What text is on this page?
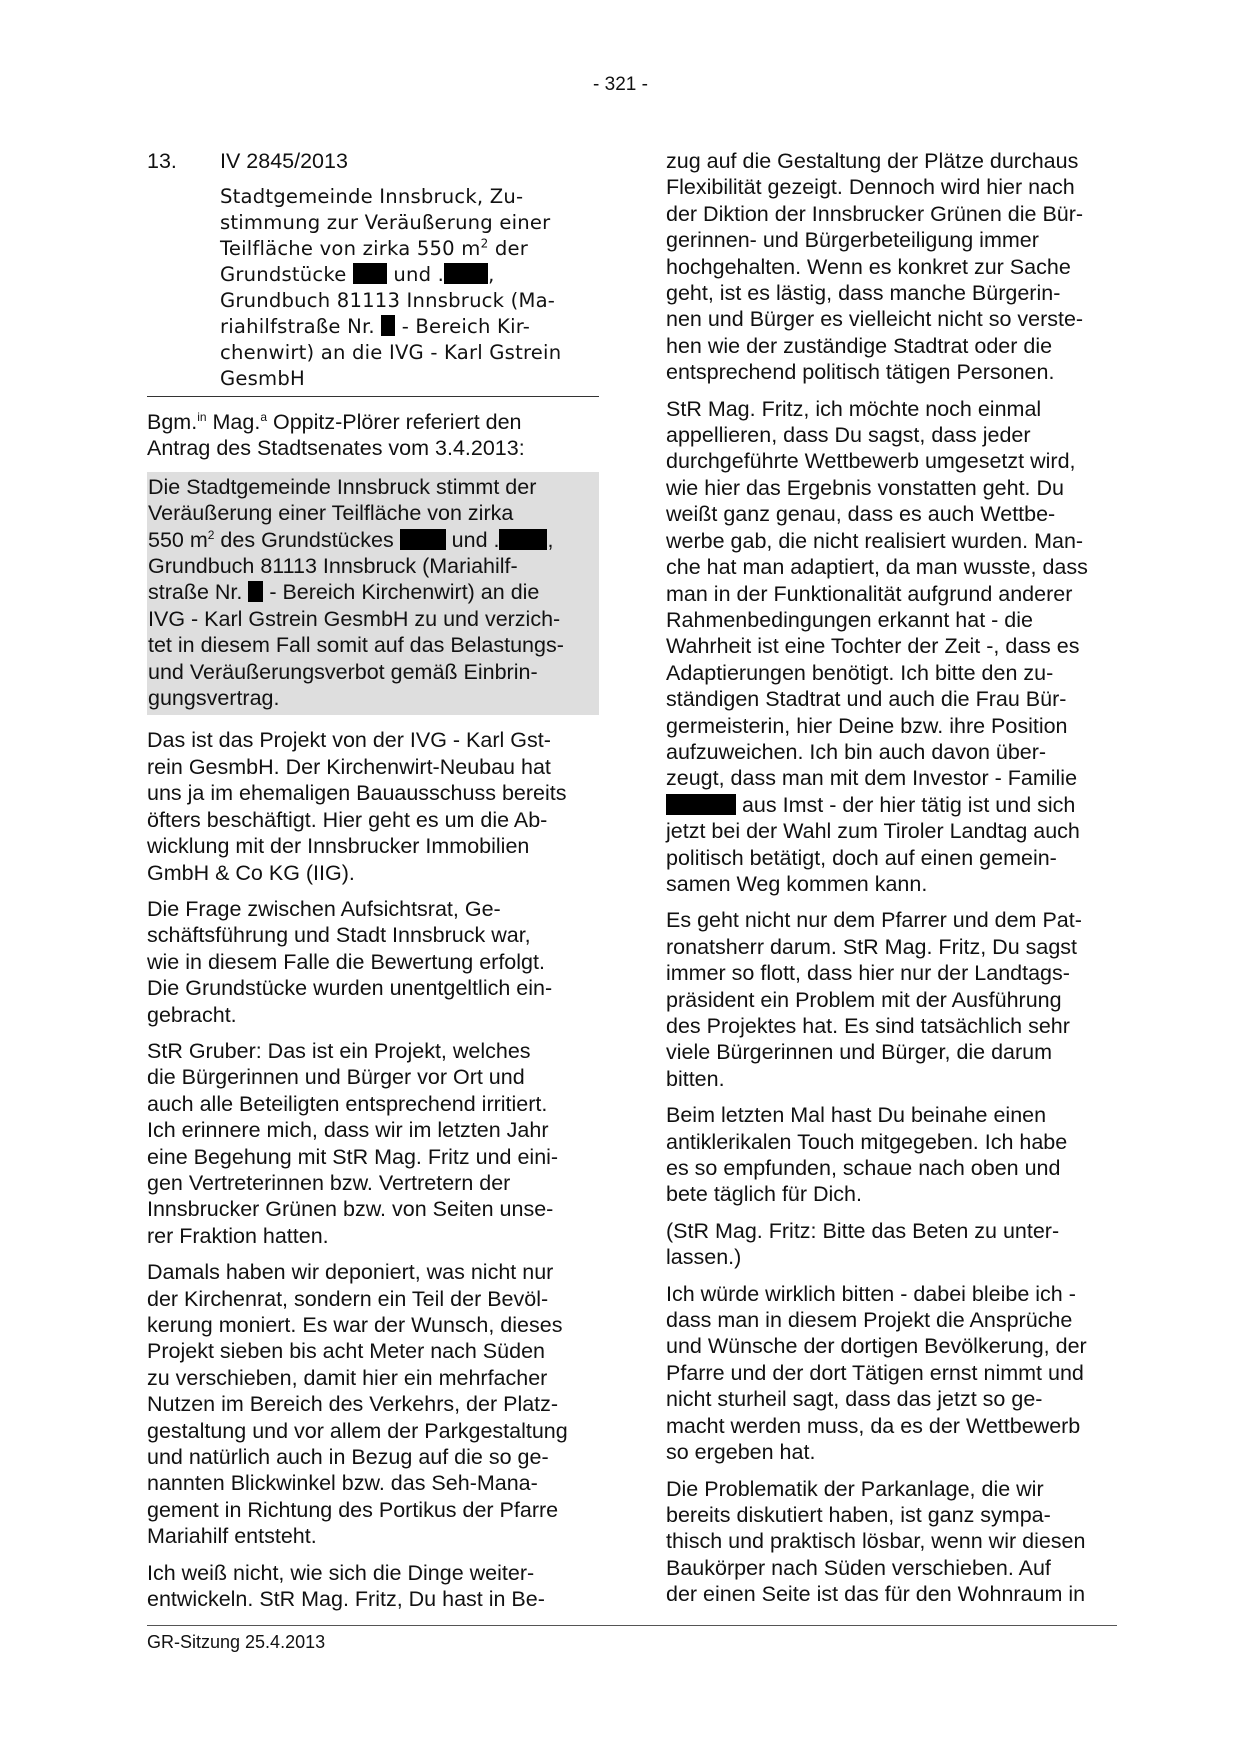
- 321 -
13. IV 2845/2013
Stadtgemeinde Innsbruck, Zu-
stimmung zur Veräußerung einer
Teilfläche von zirka 550 $m^2$ der
Grundstücke  und . ,
Grundbuch 81113 Innsbruck (Ma-
riahilfstraße Nr.  - Bereich Kir-
chenwirt) an die IVG - Karl Gstrein
GesmbH

Bgm.$^{in}$ Mag.$^a$ Oppitz-Plörer referiert den
Antrag des Stadtsenates vom 3.4.2013:

Die Stadtgemeinde Innsbruck stimmt der
Veräußerung einer Teilfläche von zirka
550 $m^2$ des Grundstückes  und . ,
Grundbuch 81113 Innsbruck (Mariahilf-
straße Nr.  - Bereich Kirchenwirt) an die
IVG - Karl Gstrein GesmbH zu und verzich-
tet in diesem Fall somit auf das Belastungs-
und Veräußerungsverbot gemäß Einbrin-
gungsvertrag.

Das ist das Projekt von der IVG - Karl Gst-
rein GesmbH. Der Kirchenwirt-Neubau hat
uns ja im ehemaligen Bauausschuss bereits
öfters beschäftigt. Hier geht es um die Ab-
wicklung mit der Innsbrucker Immobilien
GmbH & Co KG (IIG).

Die Frage zwischen Aufsichtsrat, Ge-
schäftsführung und Stadt Innsbruck war,
wie in diesem Falle die Bewertung erfolgt.
Die Grundstücke wurden unentgeltlich ein-
gebracht.

StR Gruber: Das ist ein Projekt, welches
die Bürgerinnen und Bürger vor Ort und
auch alle Beteiligten entsprechend irritiert.
Ich erinnere mich, dass wir im letzten Jahr
eine Begehung mit StR Mag. Fritz und eini-
gen Vertreterinnen bzw. Vertretern der
Innsbrucker Grünen bzw. von Seiten unse-
rer Fraktion hatten.

Damals haben wir deponiert, was nicht nur
der Kirchenrat, sondern ein Teil der Bevöl-
kerung moniert. Es war der Wunsch, dieses
Projekt sieben bis acht Meter nach Süden
zu verschieben, damit hier ein mehrfacher
Nutzen im Bereich des Verkehrs, der Platz-
gestaltung und vor allem der Parkgestaltung
und natürlich auch in Bezug auf die so ge-
nannten Blickwinkel bzw. das Seh-Mana-
gement in Richtung des Portikus der Pfarre
Mariahilf entsteht.

Ich weiß nicht, wie sich die Dinge weiter-
entwickeln. StR Mag. Fritz, Du hast in Be-

zug auf die Gestaltung der Plätze durchaus
Flexibilität gezeigt. Dennoch wird hier nach
der Diktion der Innsbrucker Grünen die Bür-
gerinnen- und Bürgerbeteiligung immer
hochgehalten. Wenn es konkret zur Sache
geht, ist es lästig, dass manche Bürgerin-
nen und Bürger es vielleicht nicht so verste-
hen wie der zuständige Stadtrat oder die
entsprechend politisch tätigen Personen.

StR Mag. Fritz, ich möchte noch einmal
appellieren, dass Du sagst, dass jeder
durchgeführte Wettbewerb umgesetzt wird,
wie hier das Ergebnis vonstatten geht. Du
weißt ganz genau, dass es auch Wettbe-
werbe gab, die nicht realisiert wurden. Man-
che hat man adaptiert, da man wusste, dass
man in der Funktionalität aufgrund anderer
Rahmenbedingungen erkannt hat - die
Wahrheit ist eine Tochter der Zeit -, dass es
Adaptierungen benötigt. Ich bitte den zu-
ständigen Stadtrat und auch die Frau Bür-
germeisterin, hier Deine bzw. ihre Position
aufzuweichen. Ich bin auch davon über-
zeugt, dass man mit dem Investor - Familie
aus Imst - der hier tätig ist und sich
jetzt bei der Wahl zum Tiroler Landtag auch
politisch betätigt, doch auf einen gemein-
samen Weg kommen kann.

Es geht nicht nur dem Pfarrer und dem Pat-
ronatsherr darum. StR Mag. Fritz, Du sagst
immer so flott, dass hier nur der Landtags-
präsident ein Problem mit der Ausführung
des Projektes hat. Es sind tatsächlich sehr
viele Bürgerinnen und Bürger, die darum
bitten.

Beim letzten Mal hast Du beinahe einen
antiklerikalen Touch mitgegeben. Ich habe
es so empfunden, schaue nach oben und
bete täglich für Dich.

(StR Mag. Fritz: Bitte das Beten zu unter-
lassen.)

Ich würde wirklich bitten - dabei bleibe ich -
dass man in diesem Projekt die Ansprüche
und Wünsche der dortigen Bevölkerung, der
Pfarre und der dort Tätigen ernst nimmt und
nicht sturheil sagt, dass das jetzt so ge-
macht werden muss, da es der Wettbewerb
so ergeben hat.

Die Problematik der Parkanlage, die wir
bereits diskutiert haben, ist ganz sympa-
thisch und praktisch lösbar, wenn wir diesen
Baukörper nach Süden verschieben. Auf
der einen Seite ist das für den Wohnraum in

GR-Sitzung 25.4.2013
